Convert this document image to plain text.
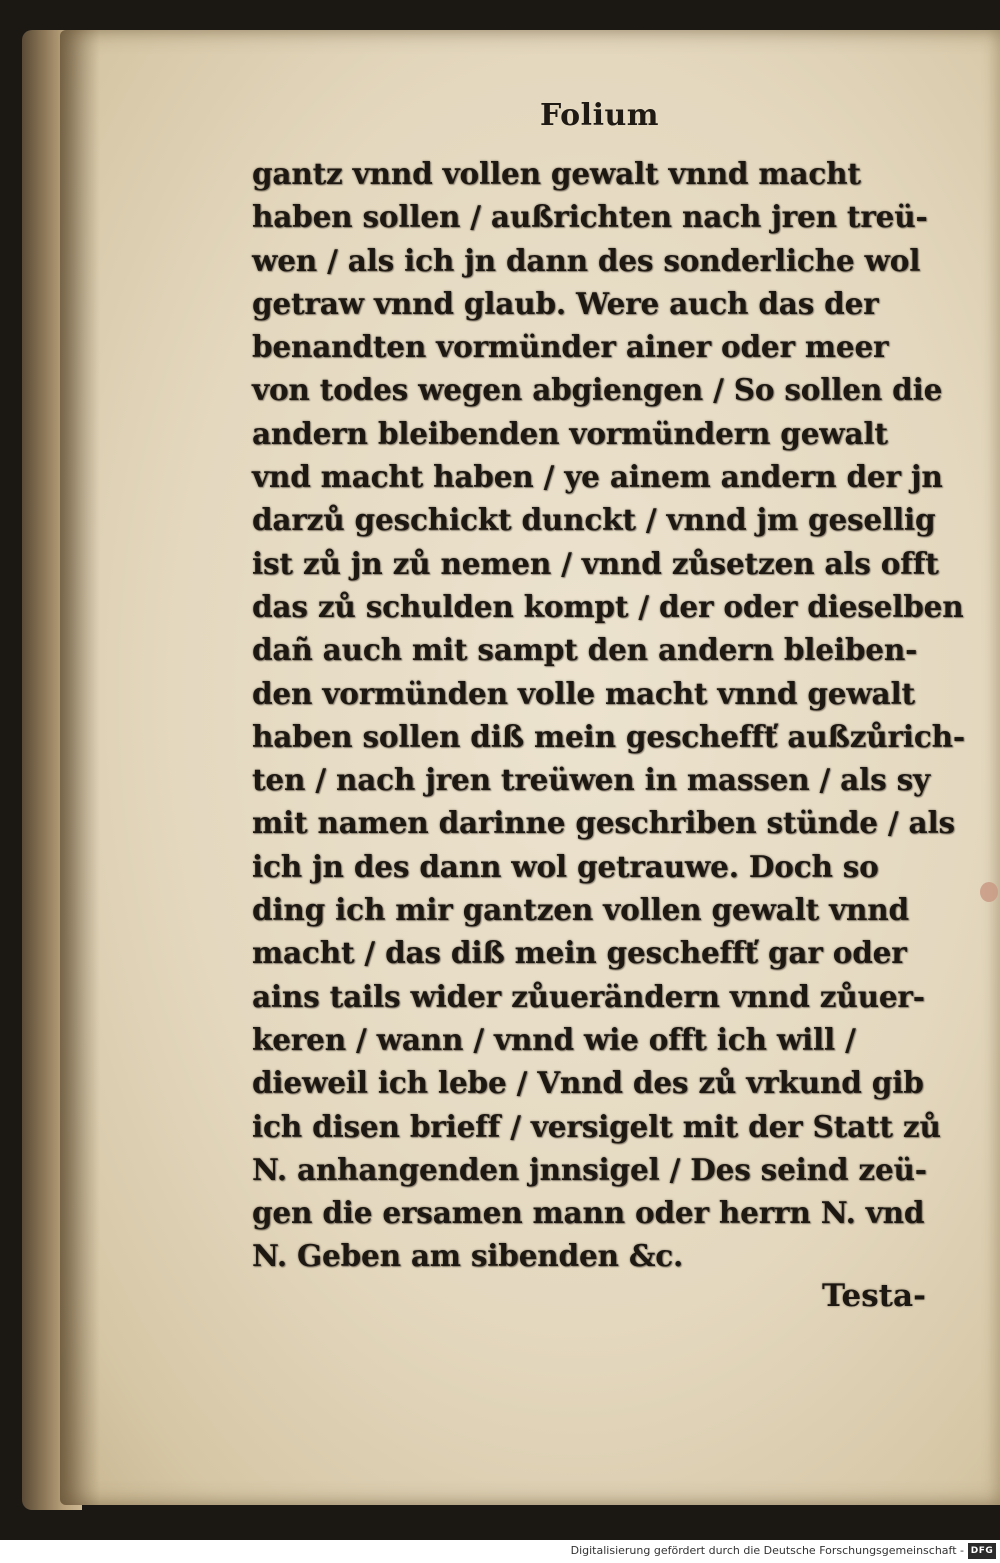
Folium
gantz vnnd vollen gewalt vnnd macht
haben sollen / außrichten nach jren treü-
wen / als ich jn dann des sonderliche wol
getraw vnnd glaub. Were auch das der
benandten vormünder ainer oder meer
von todes wegen abgiengen / So sollen die
andern bleibenden vormündern gewalt
vnd macht haben / ye ainem andern der jn
darzů geschickt dunckt / vnnd jm gesellig
ist zů jn zů nemen / vnnd zůsetzen als offt
das zů schulden kompt / der oder dieselben
dañ auch mit sampt den andern bleiben-
den vormünden volle macht vnnd gewalt
haben sollen diß mein gescheffť außzůrich-
ten / nach jren treüwen in massen / als sy
mit namen darinne geschriben stünde / als
ich jn des dann wol getrauwe. Doch so
ding ich mir gantzen vollen gewalt vnnd
macht / das diß mein gescheffť gar oder
ains tails wider zůuerändern vnnd zůuer-
keren / wann / vnnd wie offt ich will /
dieweil ich lebe / Vnnd des zů vrkund gib
ich disen brieff / versigelt mit der Statt zů
N. anhangenden jnnsigel / Des seind zeü-
gen die ersamen mann oder herrn N. vnd
N. Geben am sibenden &c.
Testa-
Digitalisierung gefördert durch die Deutsche Forschungsgemeinschaft - DFG
